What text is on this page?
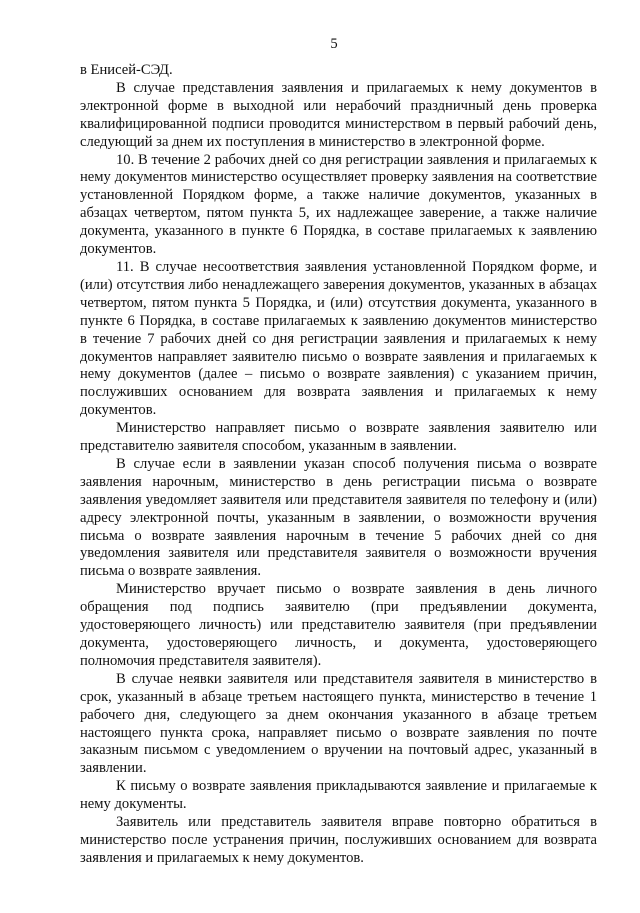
5

в Енисей-СЭД.

В случае представления заявления и прилагаемых к нему документов в электронной форме в выходной или нерабочий праздничный день проверка квалифицированной подписи проводится министерством в первый рабочий день, следующий за днем их поступления в министерство в электронной форме.

10. В течение 2 рабочих дней со дня регистрации заявления и прилагаемых к нему документов министерство осуществляет проверку заявления на соответствие установленной Порядком форме, а также наличие документов, указанных в абзацах четвертом, пятом пункта 5, их надлежащее заверение, а также наличие документа, указанного в пункте 6 Порядка, в составе прилагаемых к заявлению документов.

11. В случае несоответствия заявления установленной Порядком форме, и (или) отсутствия либо ненадлежащего заверения документов, указанных в абзацах четвертом, пятом пункта 5 Порядка, и (или) отсутствия документа, указанного в пункте 6 Порядка, в составе прилагаемых к заявлению документов министерство в течение 7 рабочих дней со дня регистрации заявления и прилагаемых к нему документов направляет заявителю письмо о возврате заявления и прилагаемых к нему документов (далее – письмо о возврате заявления) с указанием причин, послуживших основанием для возврата заявления и прилагаемых к нему документов.

Министерство направляет письмо о возврате заявления заявителю или представителю заявителя способом, указанным в заявлении.

В случае если в заявлении указан способ получения письма о возврате заявления нарочным, министерство в день регистрации письма о возврате заявления уведомляет заявителя или представителя заявителя по телефону и (или) адресу электронной почты, указанным в заявлении, о возможности вручения письма о возврате заявления нарочным в течение 5 рабочих дней со дня уведомления заявителя или представителя заявителя о возможности вручения письма о возврате заявления.

Министерство вручает письмо о возврате заявления в день личного обращения под подпись заявителю (при предъявлении документа, удостоверяющего личность) или представителю заявителя (при предъявлении документа, удостоверяющего личность, и документа, удостоверяющего полномочия представителя заявителя).

В случае неявки заявителя или представителя заявителя в министерство в срок, указанный в абзаце третьем настоящего пункта, министерство в течение 1 рабочего дня, следующего за днем окончания указанного в абзаце третьем настоящего пункта срока, направляет письмо о возврате заявления по почте заказным письмом с уведомлением о вручении на почтовый адрес, указанный в заявлении.

К письму о возврате заявления прикладываются заявление и прилагаемые к нему документы.

Заявитель или представитель заявителя вправе повторно обратиться в министерство после устранения причин, послуживших основанием для возврата заявления и прилагаемых к нему документов.
